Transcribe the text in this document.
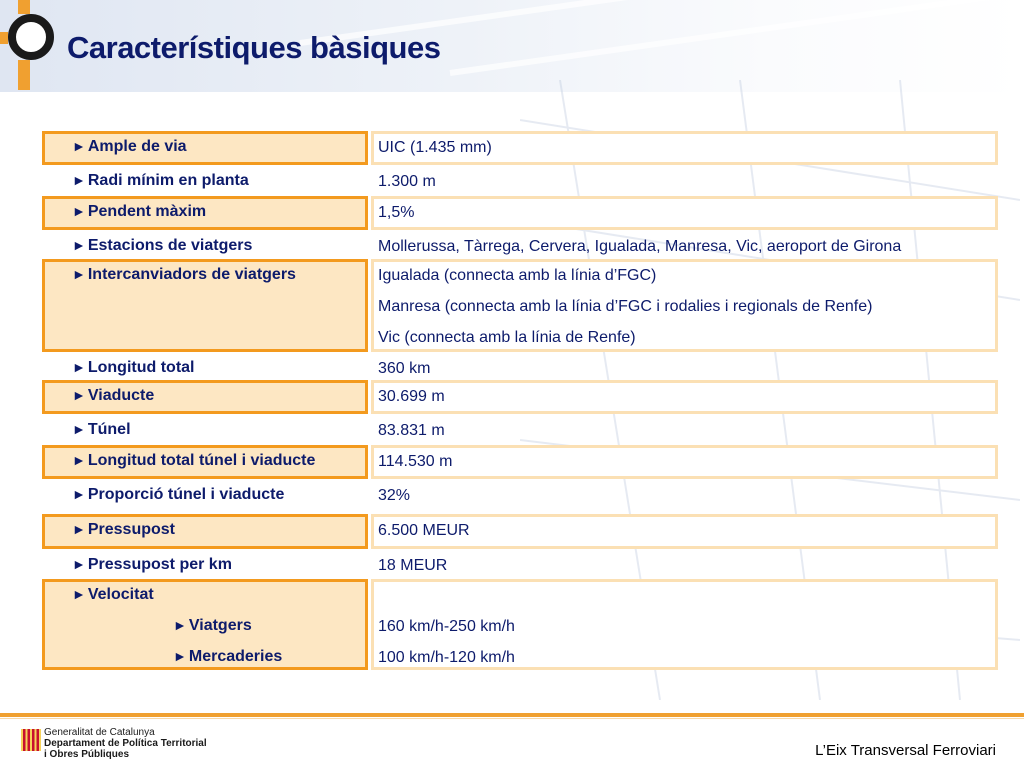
Característiques bàsiques
► Ample de via	UIC (1.435 mm)
► Radi mínim en planta	1.300 m
► Pendent màxim	1,5%
► Estacions de viatgers	Mollerussa, Tàrrega, Cervera, Igualada, Manresa, Vic, aeroport de Girona
► Intercanviadors de viatgers	Igualada (connecta amb la línia d’FGC)
Manresa (connecta amb la línia d’FGC i rodalies i regionals de Renfe)
Vic (connecta amb la línia de Renfe)
► Longitud total	360 km
► Viaducte	30.699 m
► Túnel	83.831 m
► Longitud total túnel i viaducte	114.530 m
► Proporció túnel i viaducte	32%
► Pressupost	6.500 MEUR
► Pressupost per km	18 MEUR
► Velocitat
► Viatgers	160 km/h-250 km/h
► Mercaderies	100 km/h-120 km/h
Generalitat de Catalunya
Departament de Política Territorial
i Obres Públiques	L’Eix Transversal Ferroviari
